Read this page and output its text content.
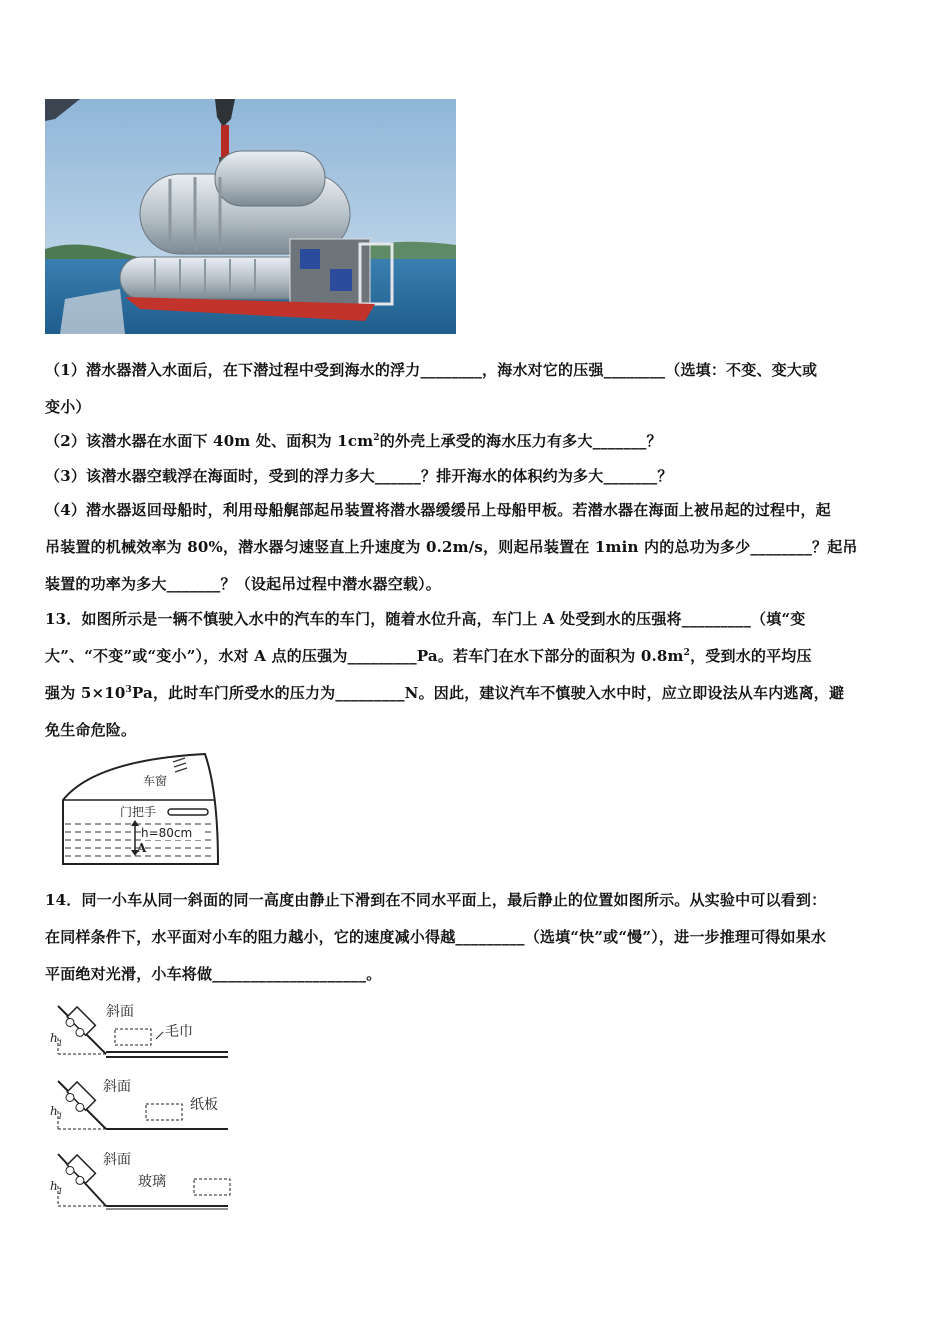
（1）潜水器潜入水面后，在下潜过程中受到海水的浮力________，海水对它的压强________（选填：不变、变大或
变小）
（2）该潜水器在水面下 40m 处、面积为 $1cm^2$的外壳上承受的海水压力有多大_______？
（3）该潜水器空载浮在海面时，受到的浮力多大______？排开海水的体积约为多大_______？
（4）潜水器返回母船时，利用母船艉部起吊装置将潜水器缓缓吊上母船甲板。若潜水器在海面上被吊起的过程中，起
吊装置的机械效率为 80%，潜水器匀速竖直上升速度为 0.2m/s，则起吊装置在 1min 内的总功为多少________？起吊
装置的功率为多大_______？（设起吊过程中潜水器空载）。
13．如图所示是一辆不慎驶入水中的汽车的车门，随着水位升高，车门上 A 处受到水的压强将_________（填“变
大”、“不变”或“变小”），水对 A 点的压强为_________Pa。若车门在水下部分的面积为 $0.8m^2$，受到水的平均压
强为 $5\times 10^3Pa$，此时车门所受水的压力为_________N。因此，建议汽车不慎驶入水中时，应立即设法从车内逃离，避
免生命危险。
车窗
门把手
h=80cm
A
14．同一小车从同一斜面的同一高度由静止下滑到在不同水平面上，最后静止的位置如图所示。从实验中可以看到：
在同样条件下，水平面对小车的阻力越小，它的速度减小得越_________（选填“快”或“慢”），进一步推理可得如果水
平面绝对光滑，小车将做____________________。
斜面
毛巾
$h_1$
斜面
纸板
$h_1$
斜面
玻璃
$h_1$
